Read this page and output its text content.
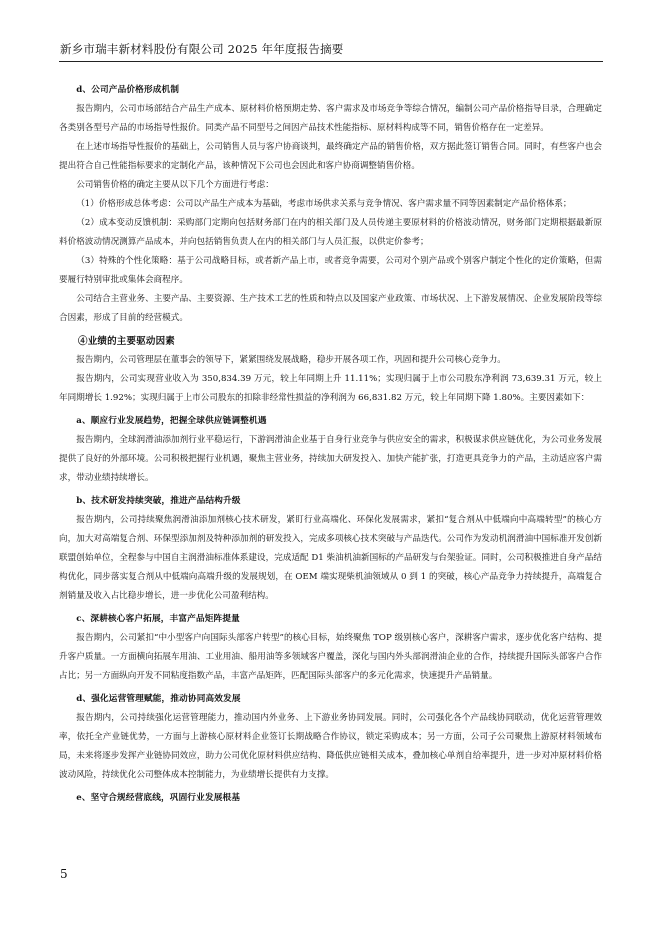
新乡市瑞丰新材料股份有限公司 2025 年年度报告摘要

d、公司产品价格形成机制

报告期内，公司市场部结合产品生产成本、原材料价格预期走势、客户需求及市场竞争等综合情况，编制公司产品价格指导目录，合理确定各类别各型号产品的市场指导性报价。同类产品不同型号之间因产品技术性能指标、原材料构成等不同，销售价格存在一定差异。

在上述市场指导性报价的基础上，公司销售人员与客户协商谈判，最终确定产品的销售价格，双方据此签订销售合同。同时，有些客户也会提出符合自己性能指标要求的定制化产品，该种情况下公司也会因此和客户协商调整销售价格。

公司销售价格的确定主要从以下几个方面进行考虑：

（1）价格形成总体考虑：公司以产品生产成本为基础，考虑市场供求关系与竞争情况、客户需求量不同等因素制定产品价格体系；

（2）成本变动反馈机制：采购部门定期向包括财务部门在内的相关部门及人员传递主要原材料的价格波动情况，财务部门定期根据最新原料价格波动情况测算产品成本，并向包括销售负责人在内的相关部门与人员汇报，以供定价参考；

（3）特殊的个性化策略：基于公司战略目标，或者新产品上市，或者竞争需要，公司对个别产品或个别客户制定个性化的定价策略，但需要履行特别审批或集体会商程序。

公司结合主营业务、主要产品、主要资源、生产技术工艺的性质和特点以及国家产业政策、市场状况、上下游发展情况、企业发展阶段等综合因素，形成了目前的经营模式。

④业绩的主要驱动因素

报告期内，公司管理层在董事会的领导下，紧紧围绕发展战略，稳步开展各项工作，巩固和提升公司核心竞争力。

报告期内，公司实现营业收入为 350,834.39 万元，较上年同期上升 11.11%；实现归属于上市公司股东净利润 73,639.31 万元，较上年同期增长 1.92%；实现归属于上市公司股东的扣除非经常性损益的净利润为 66,831.82 万元，较上年同期下降 1.80%。主要因素如下：

a、顺应行业发展趋势，把握全球供应链调整机遇

报告期内，全球润滑油添加剂行业平稳运行，下游润滑油企业基于自身行业竞争与供应安全的需求，积极谋求供应链优化，为公司业务发展提供了良好的外部环境。公司积极把握行业机遇，聚焦主营业务，持续加大研发投入、加快产能扩张，打造更具竞争力的产品，主动适应客户需求，带动业绩持续增长。

b、技术研发持续突破，推进产品结构升级

报告期内，公司持续聚焦润滑油添加剂核心技术研发，紧盯行业高端化、环保化发展需求，紧扣“复合剂从中低端向中高端转型”的核心方向，加大对高端复合剂、环保型添加剂及特种添加剂的研发投入，完成多项核心技术突破与产品迭代。公司作为发动机润滑油中国标准开发创新联盟创始单位，全程参与中国自主润滑油标准体系建设，完成适配 D1 柴油机油新国标的产品研发与台架验证。同时，公司积极推进自身产品结构优化，同步落实复合剂从中低端向高端升级的发展规划，在 OEM 端实现柴机油领域从 0 到 1 的突破，核心产品竞争力持续提升，高端复合剂销量及收入占比稳步增长，进一步优化公司盈利结构。

c、深耕核心客户拓展，丰富产品矩阵提量

报告期内，公司紧扣“中小型客户向国际头部客户转型”的核心目标，始终聚焦 TOP 级别核心客户，深耕客户需求，逐步优化客户结构、提升客户质量。一方面横向拓展车用油、工业用油、船用油等多领域客户覆盖，深化与国内外头部润滑油企业的合作，持续提升国际头部客户合作占比；另一方面纵向开发不同粘度指数产品，丰富产品矩阵，匹配国际头部客户的多元化需求，快速提升产品销量。

d、强化运营管理赋能，推动协同高效发展

报告期内，公司持续强化运营管理能力，推动国内外业务、上下游业务协同发展。同时，公司强化各个产品线协同联动，优化运营管理效率，依托全产业链优势，一方面与上游核心原材料企业签订长期战略合作协议，锁定采购成本；另一方面，公司子公司聚焦上游原材料领域布局，未来将逐步发挥产业链协同效应，助力公司优化原材料供应结构、降低供应链相关成本，叠加核心单剂自给率提升，进一步对冲原材料价格波动风险，持续优化公司整体成本控制能力，为业绩增长提供有力支撑。

e、坚守合规经营底线，巩固行业发展根基

5
